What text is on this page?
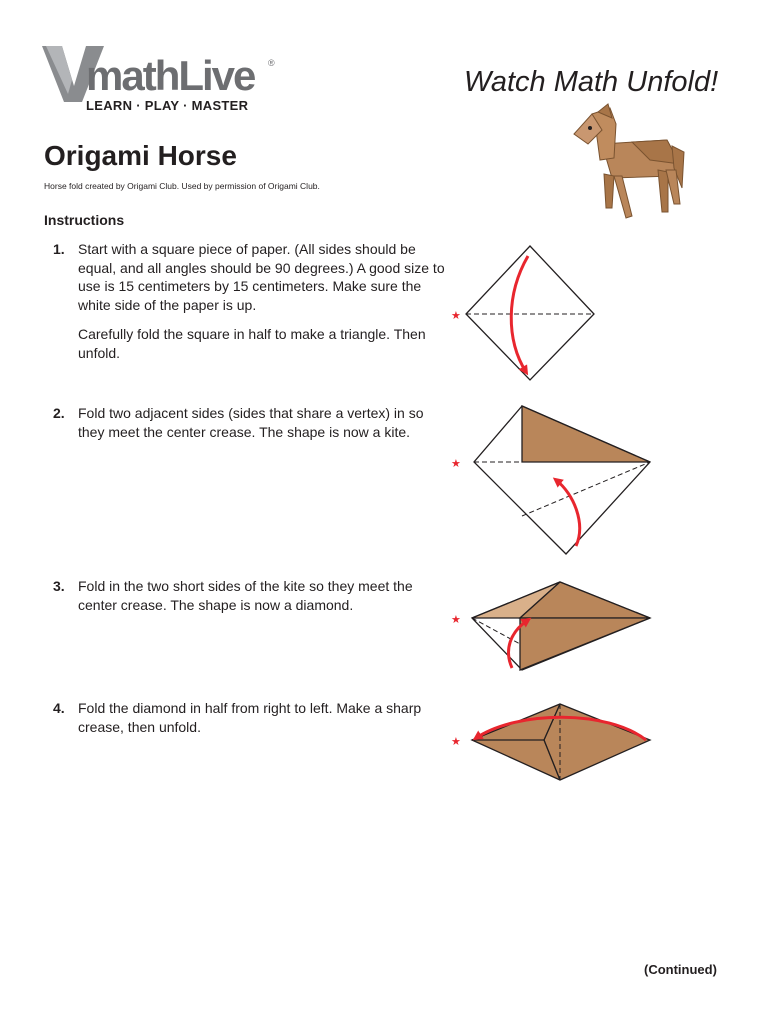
mathLive ®
LEARN · PLAY · MASTER
Watch Math Unfold!
Origami Horse
Horse fold created by Origami Club. Used by permission of Origami Club.
Instructions
1. Start with a square piece of paper. (All sides should be equal, and all angles should be 90 degrees.) A good size to use is 15 centimeters by 15 centimeters. Make sure the white side of the paper is up.

Carefully fold the square in half to make a triangle. Then unfold.

2. Fold two adjacent sides (sides that share a vertex) in so they meet the center crease. The shape is now a kite.

3. Fold in the two short sides of the kite so they meet the center crease. The shape is now a diamond.

4. Fold the diamond in half from right to left. Make a sharp crease, then unfold.

★
★
★
★
(Continued)
